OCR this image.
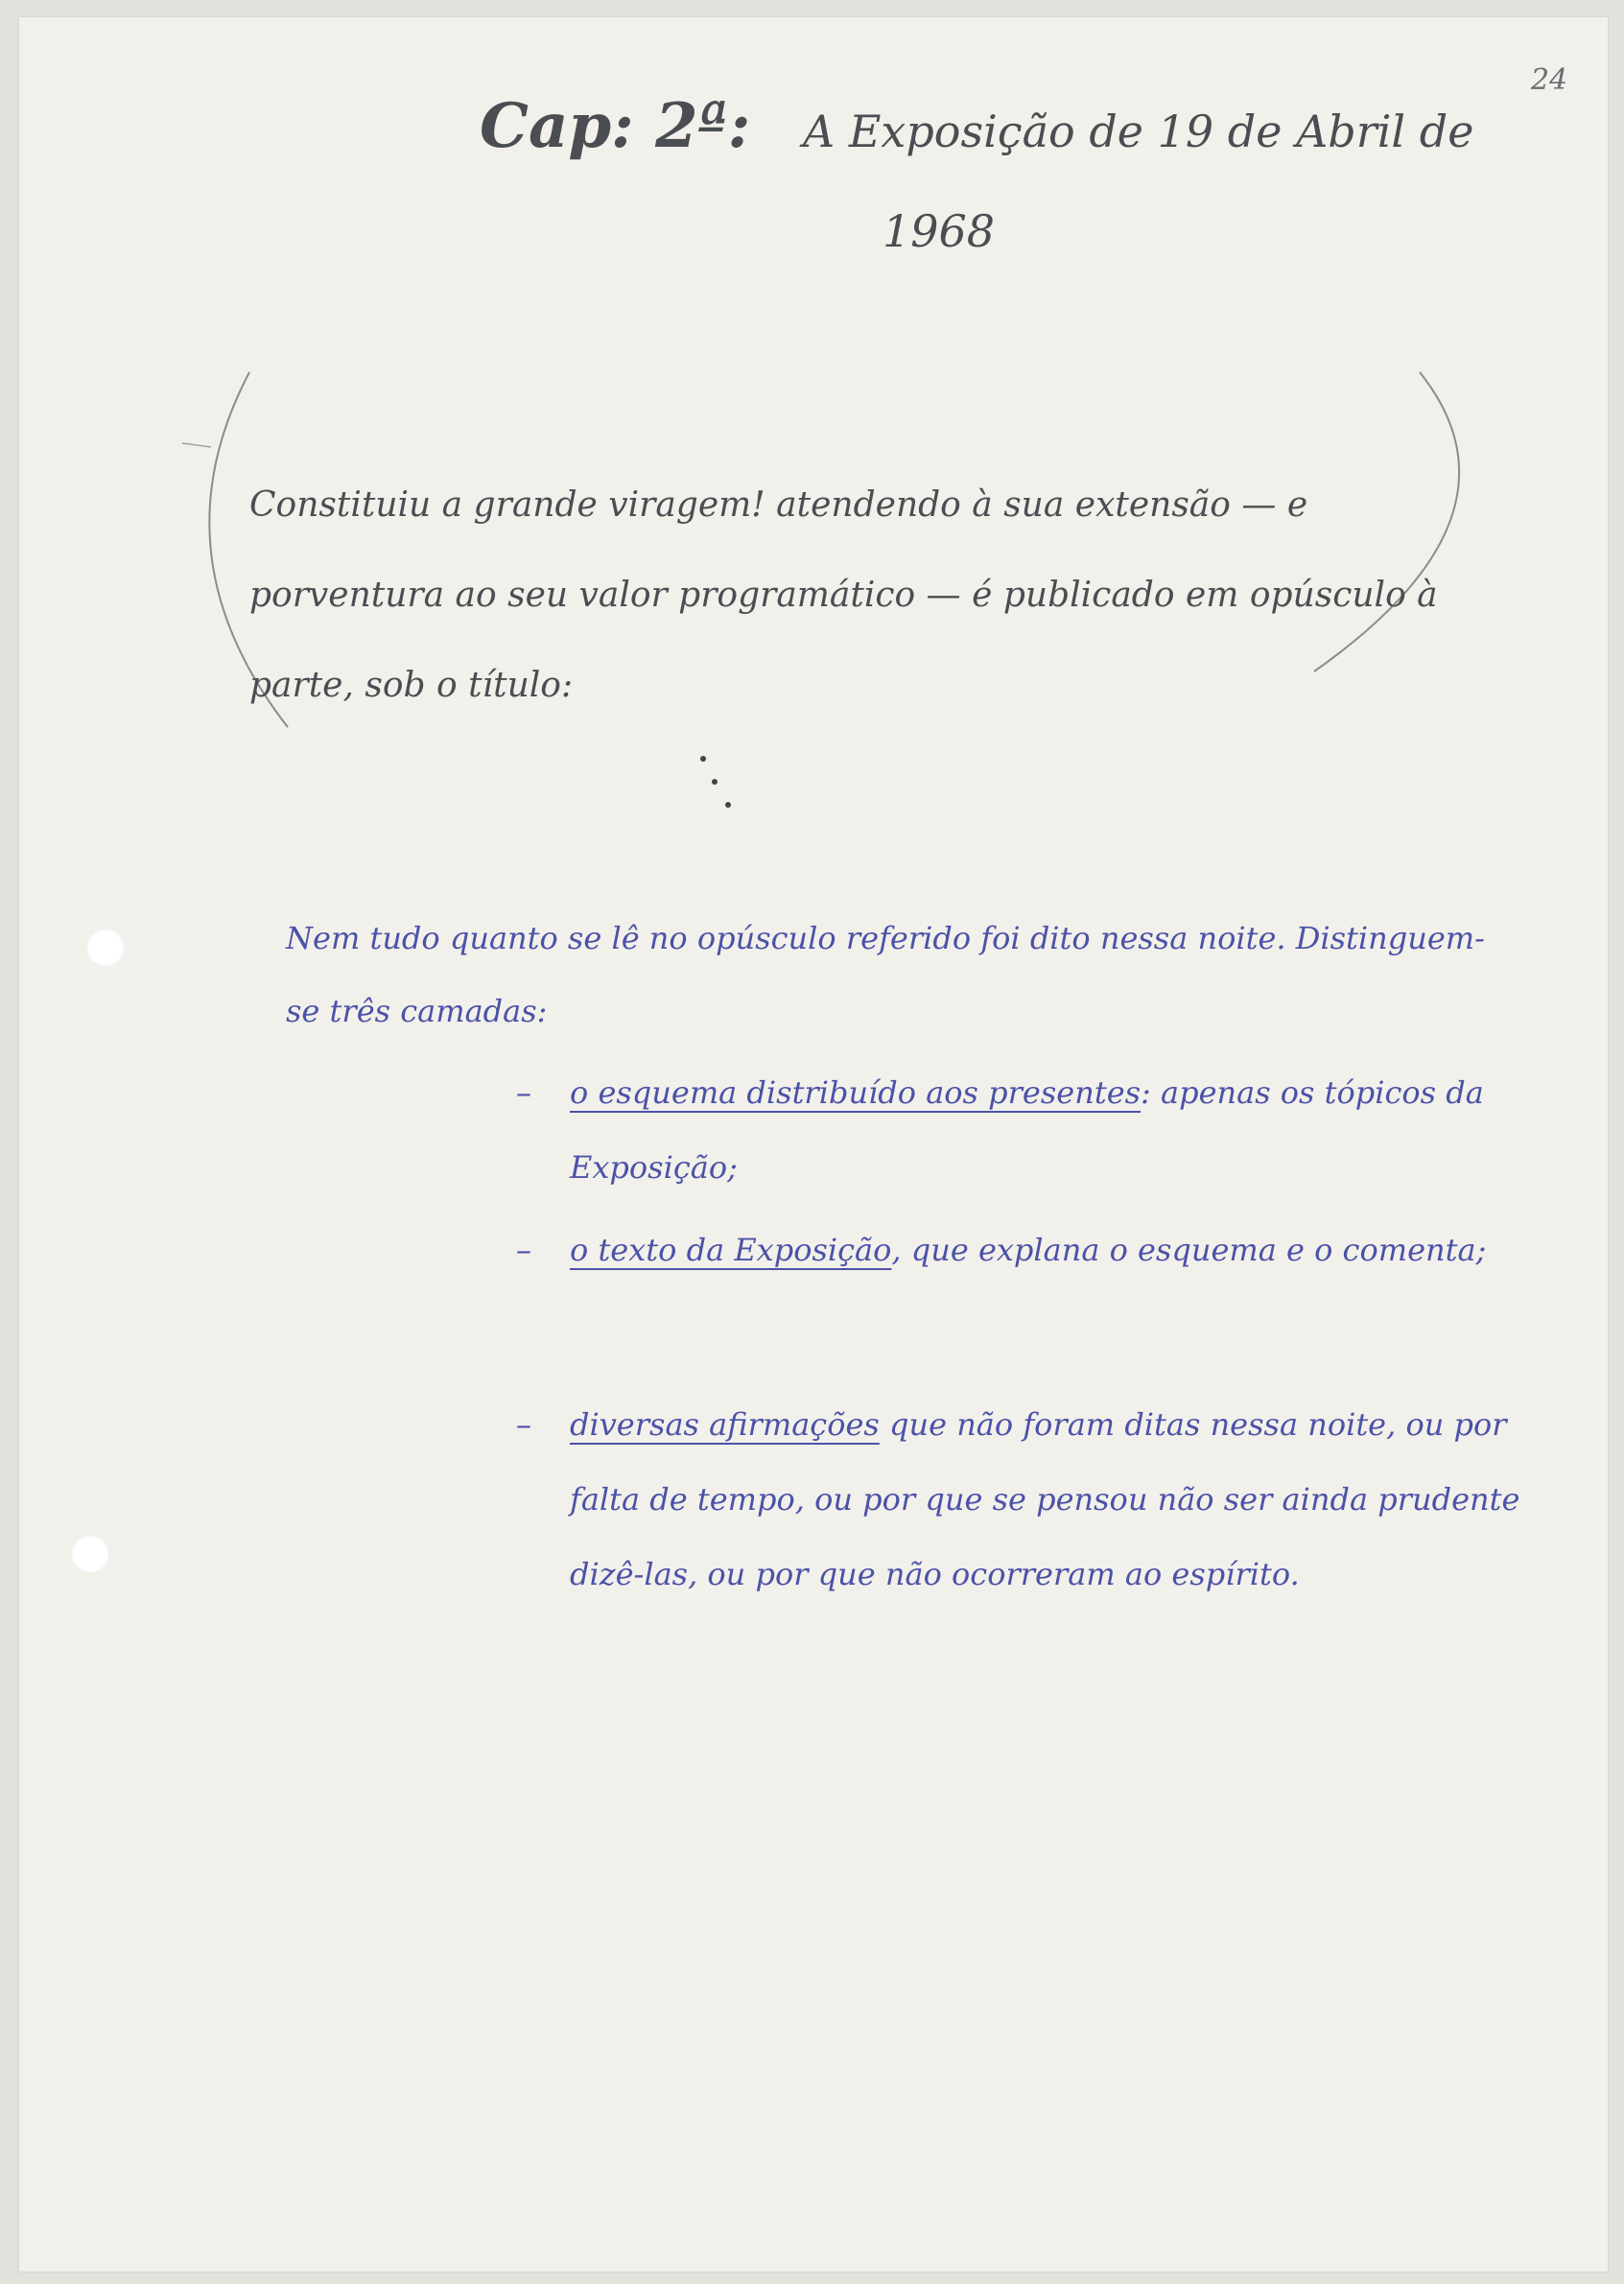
24
Cap: 2ª: A Exposição de 19 de Abril de
1968
Constituiu a grande viragem! atendendo à sua extensão — e porventura ao seu valor programático — é publicado em opúsculo à parte, sob o título:
Nem tudo quanto se lê no opúsculo referido foi dito nessa noite. Distinguem-se três camadas:
– o esquema distribuído aos presentes: apenas os tópicos da Exposição;
– o texto da Exposição, que explana o esquema e o comenta;
– diversas afirmações que não foram ditas nessa noite, ou por falta de tempo, ou por que se pensou não ser ainda prudente dizê-las, ou por que não ocorreram ao espírito.
